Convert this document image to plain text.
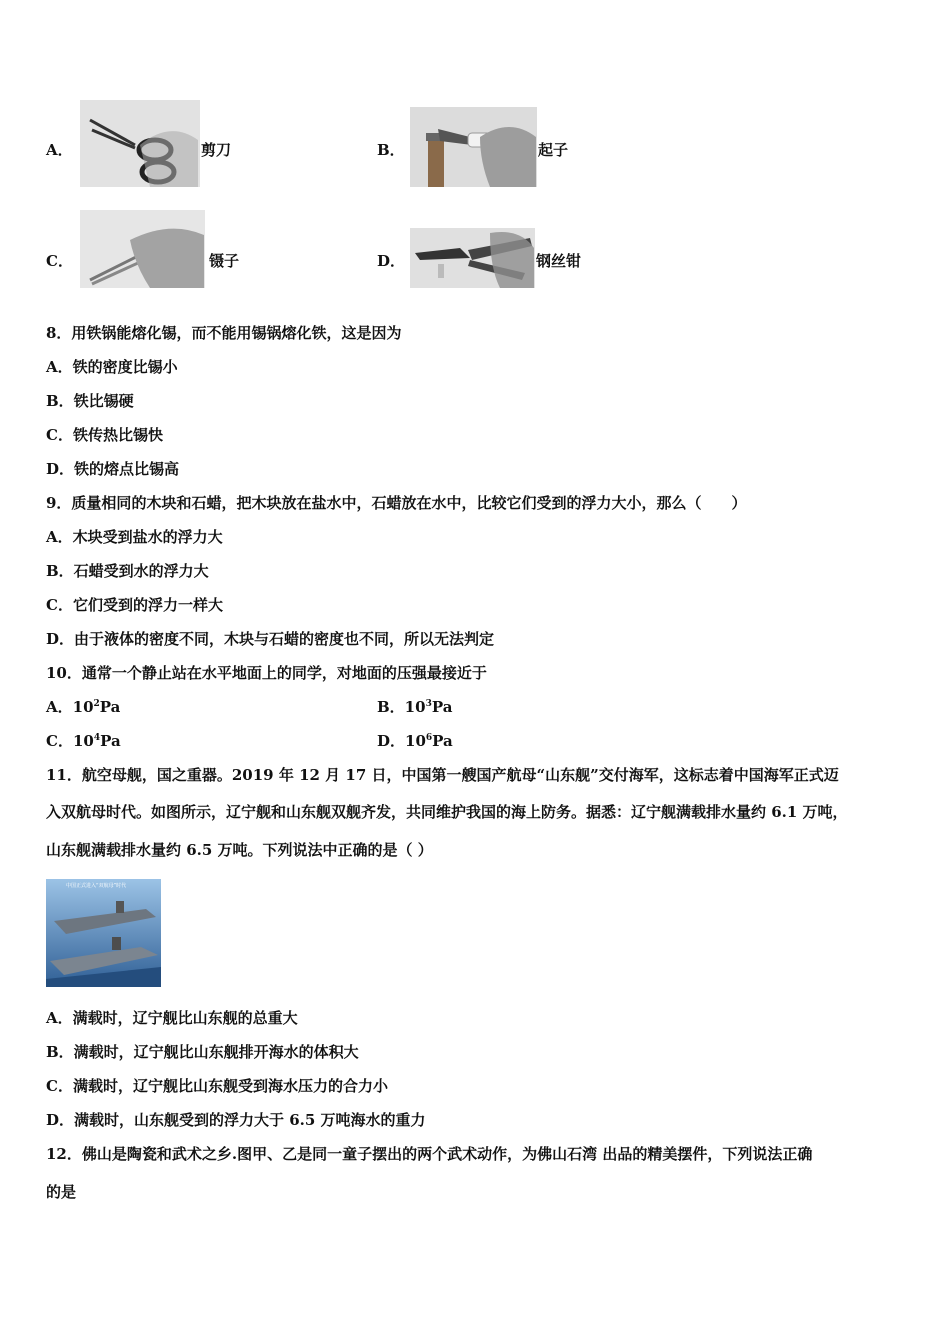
A．	剪刀	B．	起子
C．	镊子	D．	钢丝钳
8．用铁锅能熔化锡，而不能用锡锅熔化铁，这是因为
A．铁的密度比锡小
B．铁比锡硬
C．铁传热比锡快
D．铁的熔点比锡高
9．质量相同的木块和石蜡，把木块放在盐水中，石蜡放在水中，比较它们受到的浮力大小，那么（　　）
A．木块受到盐水的浮力大
B．石蜡受到水的浮力大
C．它们受到的浮力一样大
D．由于液体的密度不同，木块与石蜡的密度也不同，所以无法判定
10．通常一个静止站在水平地面上的同学，对地面的压强最接近于
A．$10^2Pa$	B．$10^3Pa$
C．$10^4Pa$	D．$10^6Pa$
11．航空母舰，国之重器。2019 年 12 月 17 日，中国第一艘国产航母“山东舰”交付海军，这标志着中国海军正式迈
入双航母时代。如图所示，辽宁舰和山东舰双舰齐发，共同维护我国的海上防务。据悉：辽宁舰满载排水量约 6.1 万吨，
山东舰满载排水量约 6.5 万吨。下列说法中正确的是（ ）
中国正式进入“双航母”时代
A．满载时，辽宁舰比山东舰的总重大
B．满载时，辽宁舰比山东舰排开海水的体积大
C．满载时，辽宁舰比山东舰受到海水压力的合力小
D．满载时，山东舰受到的浮力大于 6.5 万吨海水的重力
12．佛山是陶瓷和武术之乡.图甲、乙是同一童子摆出的两个武术动作，为佛山石湾 出品的精美摆件，下列说法正确
的是
